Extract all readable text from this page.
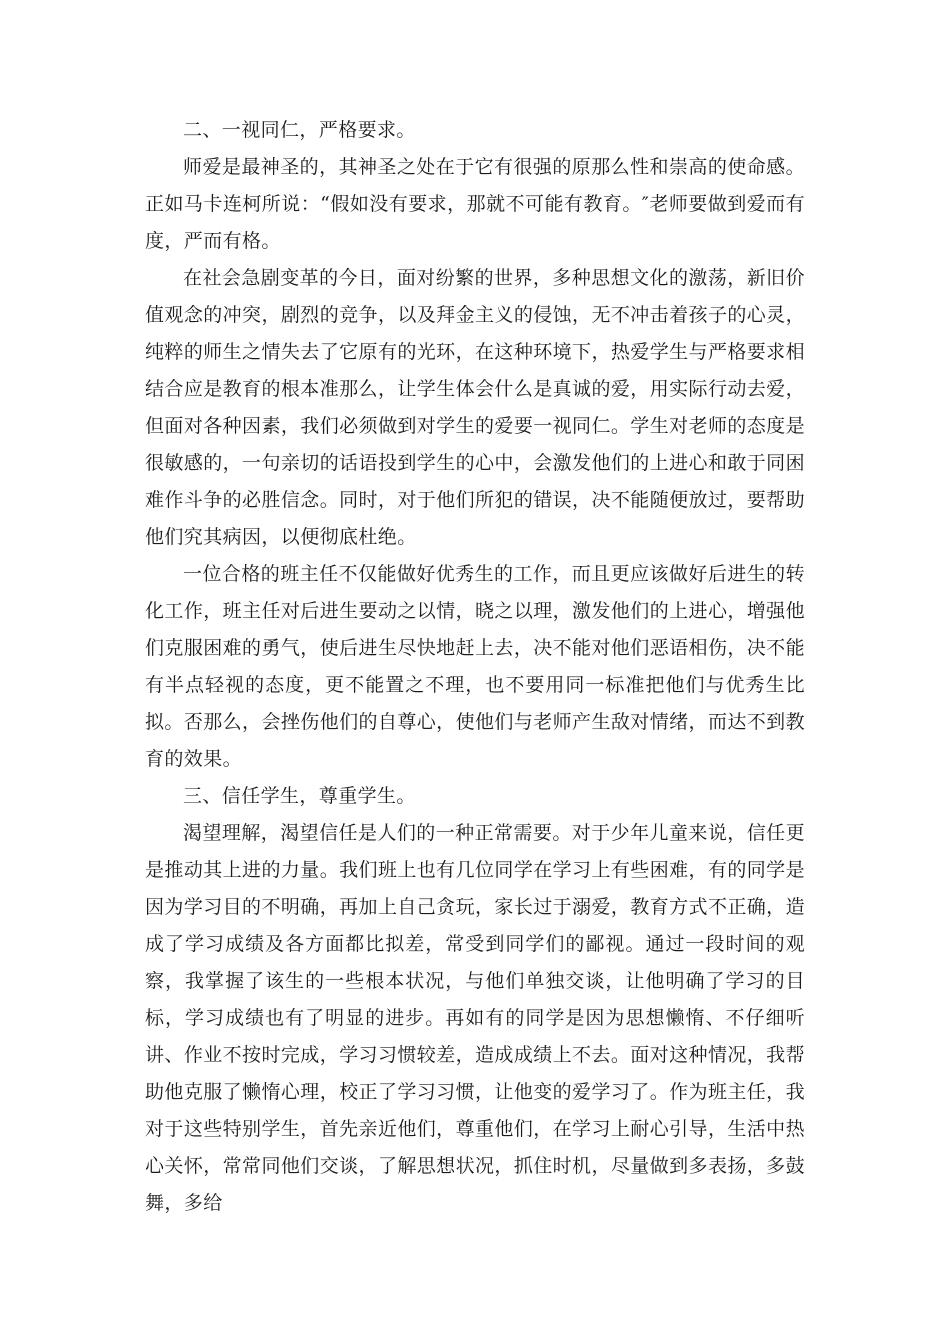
二、一视同仁，严格要求。

师爱是最神圣的，其神圣之处在于它有很强的原那么性和崇高的使命感。正如马卡连柯所说：“假如没有要求，那就不可能有教育。″老师要做到爱而有度，严而有格。

在社会急剧变革的今日，面对纷繁的世界，多种思想文化的激荡，新旧价值观念的冲突，剧烈的竞争，以及拜金主义的侵蚀，无不冲击着孩子的心灵，纯粹的师生之情失去了它原有的光环，在这种环境下，热爱学生与严格要求相结合应是教育的根本准那么，让学生体会什么是真诚的爱，用实际行动去爱，但面对各种因素，我们必须做到对学生的爱要一视同仁。学生对老师的态度是很敏感的，一句亲切的话语投到学生的心中，会激发他们的上进心和敢于同困难作斗争的必胜信念。同时，对于他们所犯的错误，决不能随便放过，要帮助他们究其病因，以便彻底杜绝。

一位合格的班主任不仅能做好优秀生的工作，而且更应该做好后进生的转化工作，班主任对后进生要动之以情，晓之以理，激发他们的上进心，增强他们克服困难的勇气，使后进生尽快地赶上去，决不能对他们恶语相伤，决不能有半点轻视的态度，更不能置之不理，也不要用同一标准把他们与优秀生比拟。否那么，会挫伤他们的自尊心，使他们与老师产生敌对情绪，而达不到教育的效果。

三、信任学生，尊重学生。

渴望理解，渴望信任是人们的一种正常需要。对于少年儿童来说，信任更是推动其上进的力量。我们班上也有几位同学在学习上有些困难，有的同学是因为学习目的不明确，再加上自己贪玩，家长过于溺爱，教育方式不正确，造成了学习成绩及各方面都比拟差，常受到同学们的鄙视。通过一段时间的观察，我掌握了该生的一些根本状况，与他们单独交谈，让他明确了学习的目标，学习成绩也有了明显的进步。再如有的同学是因为思想懒惰、不仔细听讲、作业不按时完成，学习习惯较差，造成成绩上不去。面对这种情况，我帮助他克服了懒惰心理，校正了学习习惯，让他变的爱学习了。作为班主任，我对于这些特别学生，首先亲近他们，尊重他们，在学习上耐心引导，生活中热心关怀，常常同他们交谈，了解思想状况，抓住时机，尽量做到多表扬，多鼓舞，多给
